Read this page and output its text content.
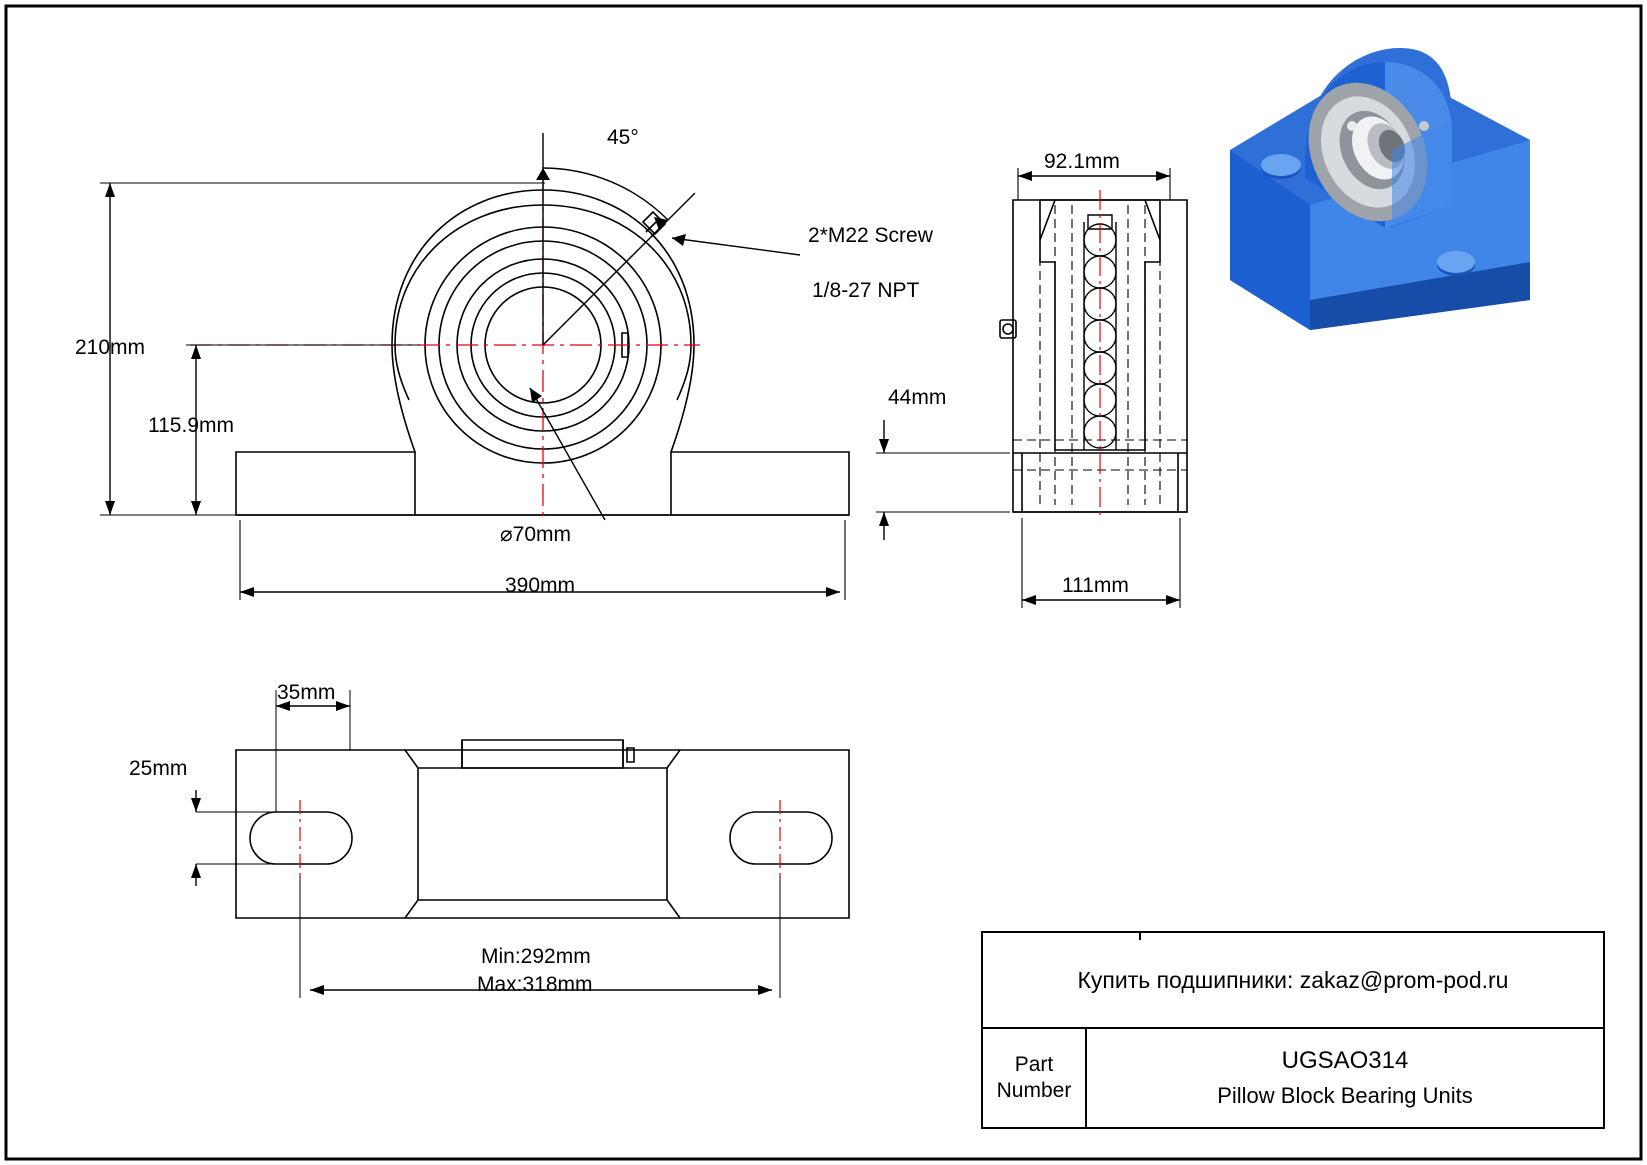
210mm
115.9mm
⌀70mm
390mm
45°
2*M22 Screw
1/8-27 NPT
92.1mm
111mm
44mm
35mm
25mm
Min:292mm
Max:318mm	Купить подшипники: zakaz@prom-pod.ru
Part
Number
UGSAO314
Pillow Block Bearing Units
